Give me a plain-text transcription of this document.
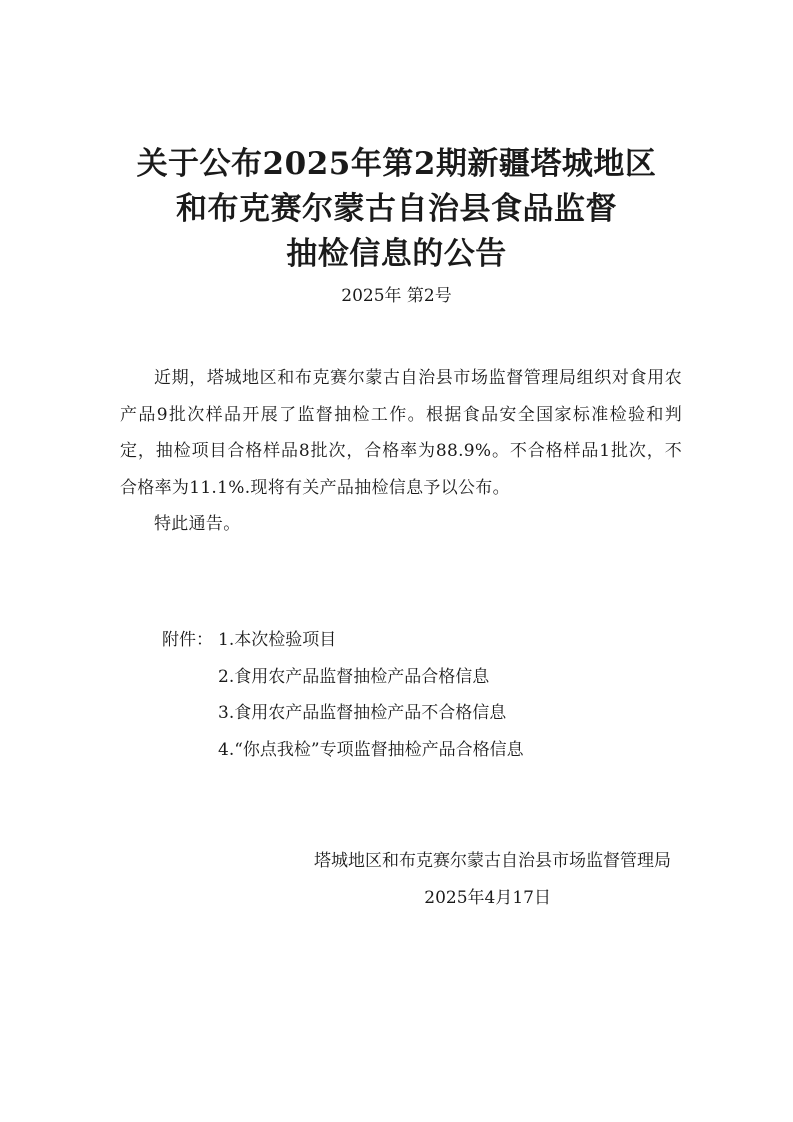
关于公布2025年第2期新疆塔城地区
和布克赛尔蒙古自治县食品监督
抽检信息的公告
2025年 第2号

近期，塔城地区和布克赛尔蒙古自治县市场监督管理局组织对食用农产品9批次样品开展了监督抽检工作。根据食品安全国家标准检验和判定，抽检项目合格样品8批次，合格率为88.9%。不合格样品1批次，不合格率为11.1%.现将有关产品抽检信息予以公布。

特此通告。

附件： 1.本次检验项目
2.食用农产品监督抽检产品合格信息
3.食用农产品监督抽检产品不合格信息
4.“你点我检”专项监督抽检产品合格信息
塔城地区和布克赛尔蒙古自治县市场监督管理局
2025年4月17日
